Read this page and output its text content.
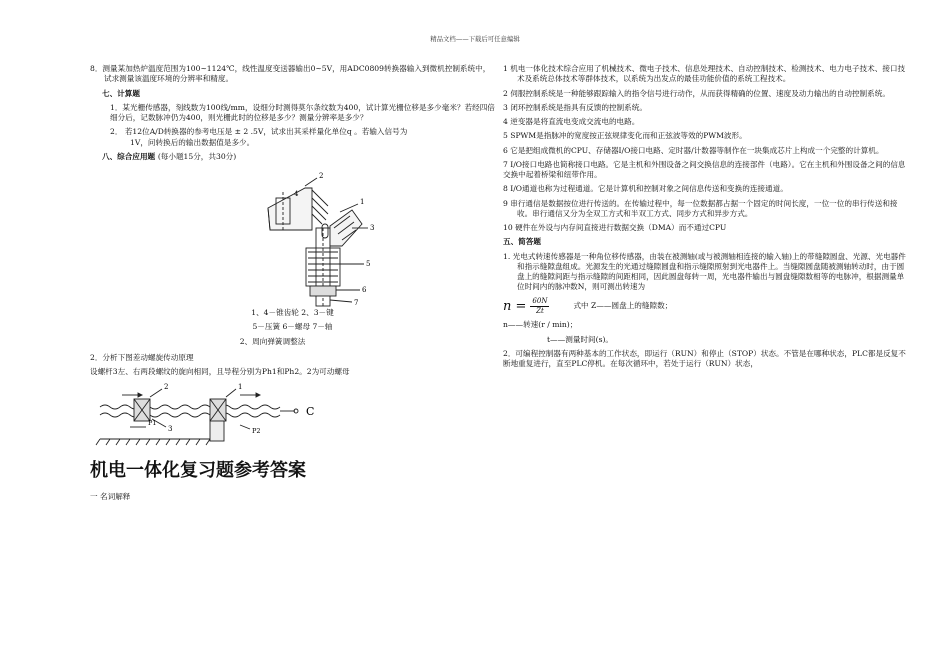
精品文档——下载后可任意编辑

8．测量某加热炉温度范围为100~1124℃，线性温度变送器输出0~5V，用ADC0809转换器输入到微机控制系统中，试求测量该温度环境的分辨率和精度。

七、计算题

1．某光栅传感器，刻线数为100线/mm，设细分时测得莫尔条纹数为400，试计算光栅位移是多少毫米？若经四倍细分后，记数脉冲仍为400，则光栅此时的位移是多少？测量分辨率是多少？

2． 若12位A/D转换器的参考电压是 ± 2 .5V，试求出其采样量化单位q 。若输入信号为

1V，问转换后的输出数据值是多少。

八、综合应用题 (每小题15分，共30分)

2
1
3
5
6
7
4

1、4－锥齿轮 2、3－键

5－压簧 6－螺母 7－轴

2、周向弹簧调整法

2．分析下图差动螺旋传动原理

设螺杆3左、右两段螺纹的旋向相同，且导程分别为Ph1和Ph2。2为可动螺母

2	1
3
P1
P2
C
机电一体化复习题参考答案

一 名词解释

1 机电一体化技术综合应用了机械技术、微电子技术、信息处理技术、自动控制技术、检测技术、电力电子技术、接口技术及系统总体技术等群体技术，以系统为出发点的最佳功能价值的系统工程技术。

2 伺服控制系统是一种能够跟踪输入的指令信号进行动作，从而获得精确的位置、速度及动力输出的自动控制系统。

3 闭环控制系统是指具有反馈的控制系统。

4 逆变器是将直流电变成交流电的电路。

5 SPWM是指脉冲的宽度按正弦规律变化而和正弦波等效的PWM波形。

6 它是把组成微机的CPU、存储器I/O接口电路、定时器/计数器等制作在一块集成芯片上构成一个完整的计算机。

7 I/O接口电路也简称接口电路。它是主机和外围设备之间交换信息的连接部件（电路）。它在主机和外围设备之间的信息交换中起着桥梁和纽带作用。

8 I/O通道也称为过程通道。它是计算机和控制对象之间信息传送和变换的连接通道。

9 串行通信是数据按位进行传送的。在传输过程中，每一位数据都占据一个固定的时间长度，一位一位的串行传送和接收。串行通信又分为全双工方式和半双工方式、同步方式和异步方式。

10 硬件在外设与内存间直接进行数据交换（DMA）而不通过CPU

五、简答题

1. 光电式转速传感器是一种角位移传感器，由装在被测轴(或与被测轴相连接的输入轴)上的带缝隙圆盘、光源、光电器件和指示缝隙盘组成。光源发生的光通过缝隙圆盘和指示缝隙照射到光电器件上。当缝隙圆盘随被测轴转动时，由于圆盘上的缝隙间距与指示缝隙的间距相同，因此圆盘每转一周，光电器件输出与圆盘缝隙数相等的电脉冲，根据测量单位时间内的脉冲数N，则可测出转速为

$n = \frac{60N}{Zt}$	式中 Z——圆盘上的缝隙数；

n——转速(r / min)；

t——测量时间(s)。

2．可编程控制器有两种基本的工作状态，即运行（RUN）和停止（STOP）状态。不管是在哪种状态，PLC都是反复不断地重复进行，直至PLC停机。在每次循环中，若处于运行（RUN）状态，
